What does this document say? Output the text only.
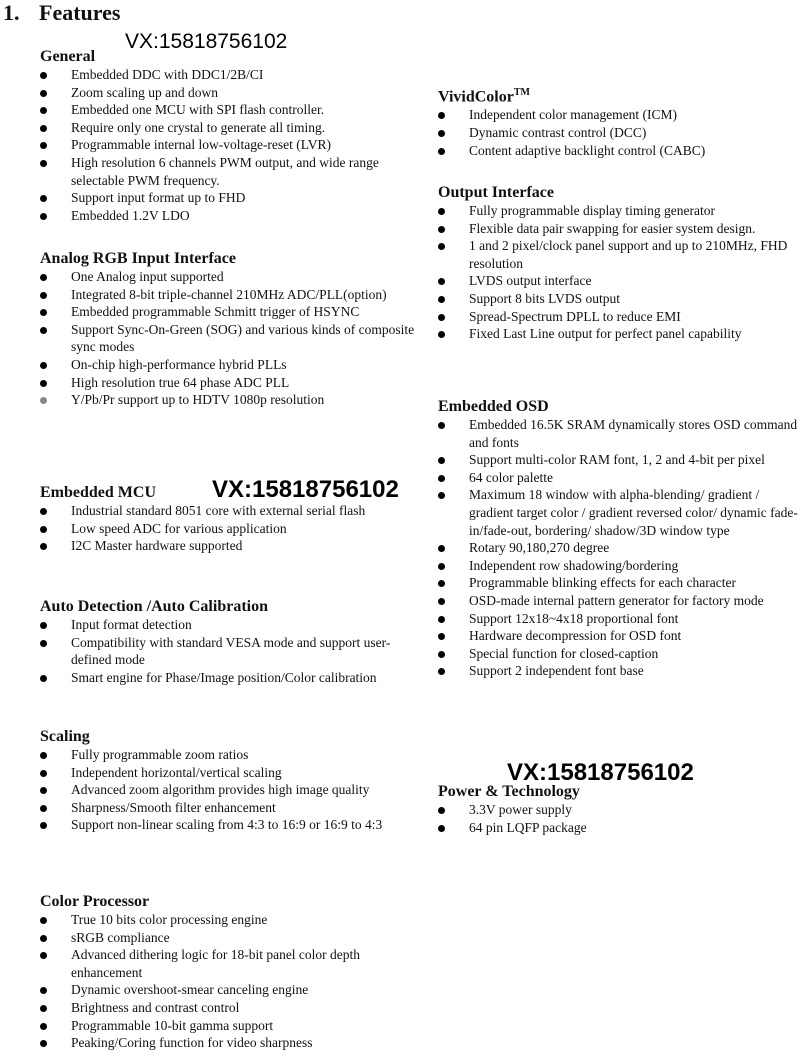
1. Features
VX:15818756102
VX:15818756102
VX:15818756102
General
Embedded DDC with DDC1/2B/CI
Zoom scaling up and down
Embedded one MCU with SPI flash controller.
Require only one crystal to generate all timing.
Programmable internal low-voltage-reset (LVR)
High resolution 6 channels PWM output, and wide range selectable PWM frequency.
Support input format up to FHD
Embedded 1.2V LDO
Analog RGB Input Interface
One Analog input supported
Integrated 8-bit triple-channel 210MHz ADC/PLL(option)
Embedded programmable Schmitt trigger of HSYNC
Support Sync-On-Green (SOG) and various kinds of composite sync modes
On-chip high-performance hybrid PLLs
High resolution true 64 phase ADC PLL
Y/Pb/Pr support up to HDTV 1080p resolution
Embedded MCU
Industrial standard 8051 core with external serial flash
Low speed ADC for various application
I2C Master hardware supported
Auto Detection /Auto Calibration
Input format detection
Compatibility with standard VESA mode and support user-defined mode
Smart engine for Phase/Image position/Color calibration
Scaling
Fully programmable zoom ratios
Independent horizontal/vertical scaling
Advanced zoom algorithm provides high image quality
Sharpness/Smooth filter enhancement
Support non-linear scaling from 4:3 to 16:9 or 16:9 to 4:3
Color Processor
True 10 bits color processing engine
sRGB compliance
Advanced dithering logic for 18-bit panel color depth enhancement
Dynamic overshoot-smear canceling engine
Brightness and contrast control
Programmable 10-bit gamma support
Peaking/Coring function for video sharpness
VividColor™
Independent color management (ICM)
Dynamic contrast control (DCC)
Content adaptive backlight control (CABC)
Output Interface
Fully programmable display timing generator
Flexible data pair swapping for easier system design.
1 and 2 pixel/clock panel support and up to 210MHz, FHD resolution
LVDS output interface
Support 8 bits LVDS output
Spread-Spectrum DPLL to reduce EMI
Fixed Last Line output for perfect panel capability
Embedded OSD
Embedded 16.5K SRAM dynamically stores OSD command and fonts
Support multi-color RAM font, 1, 2 and 4-bit per pixel
64 color palette
Maximum 18 window with alpha-blending/ gradient / gradient target color / gradient reversed color/ dynamic fade-in/fade-out, bordering/ shadow/3D window type
Rotary 90,180,270 degree
Independent row shadowing/bordering
Programmable blinking effects for each character
OSD-made internal pattern generator for factory mode
Support 12x18~4x18 proportional font
Hardware decompression for OSD font
Special function for closed-caption
Support 2 independent font base
Power & Technology
3.3V power supply
64 pin LQFP package
